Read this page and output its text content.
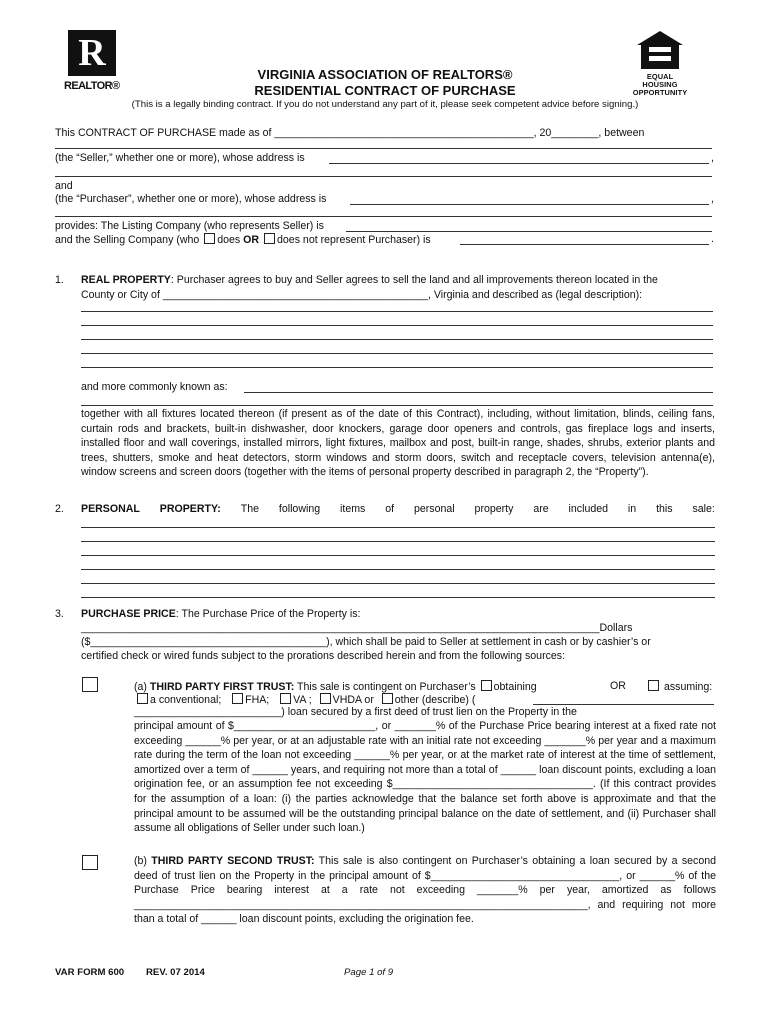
R
REALTOR®
EQUAL HOUSING OPPORTUNITY
VIRGINIA ASSOCIATION OF REALTORS®
RESIDENTIAL CONTRACT OF PURCHASE
(This is a legally binding contract. If you do not understand any part of it, please seek competent advice before signing.)
This CONTRACT OF PURCHASE made as of ____________________________________________, 20________, between
(the “Seller,” whether one or more), whose address is	,
and
(the “Purchaser”, whether one or more), whose address is	,
provides: The Listing Company (who represents Seller) is
and the Selling Company (who does OR does not represent Purchaser) is	.
1. REAL PROPERTY: Purchaser agrees to buy and Seller agrees to sell the land and all improvements thereon located in the
County or City of _____________________________________________, Virginia and described as (legal description):
and more commonly known as:
together with all fixtures located thereon (if present as of the date of this Contract), including, without limitation, blinds, ceiling fans, curtain rods and brackets, built-in dishwasher, door knockers, garage door openers and controls, gas fireplace logs and inserts, installed floor and wall coverings, installed mirrors, light fixtures, mailbox and post, built-in range, shades, shrubs, exterior plants and trees, shutters, smoke and heat detectors, storm windows and storm doors, switch and receptacle covers, television antenna(e), window screens and screen doors (together with the items of personal property described in paragraph 2, the “Property”).
2. PERSONAL PROPERTY: The following items of personal property are included in this sale:
3. PURCHASE PRICE: The Purchase Price of the Property is:
________________________________________________________________________________________Dollars
($________________________________________), which shall be paid to Seller at settlement in cash or by cashier’s or
certified check or wired funds subject to the prorations described herein and from the following sources:
(a) THIRD PARTY FIRST TRUST: This sale is contingent on Purchaser’s obtaining	OR	assuming:
a conventional; FHA; VA ; VHDA or other (describe) (
_________________________) loan secured by a first deed of trust lien on the Property in the
principal amount of $________________________, or _______% of the Purchase Price bearing interest at a fixed rate not exceeding ______% per year, or at an adjustable rate with an initial rate not exceeding _______% per year and a maximum rate during the term of the loan not exceeding ______% per year, or at the market rate of interest at the time of settlement, amortized over a term of ______ years, and requiring not more than a total of ______ loan discount points, excluding a loan origination fee, or an assumption fee not exceeding $__________________________________. (If this contract provides for the assumption of a loan: (i) the parties acknowledge that the balance set forth above is approximate and that the principal amount to be assumed will be the outstanding principal balance on the date of settlement, and (ii) Purchaser shall assume all obligations of Seller under such loan.)
(b) THIRD PARTY SECOND TRUST: This sale is also contingent on Purchaser’s obtaining a loan secured by a second deed of trust lien on the Property in the principal amount of $________________________________, or ______% of the Purchase Price bearing interest at a rate not exceeding _______% per year, amortized as follows _____________________________________________________________________________, and requiring not more than a total of ______ loan discount points, excluding the origination fee.
VAR FORM 600 REV. 07 2014	Page 1 of 9
